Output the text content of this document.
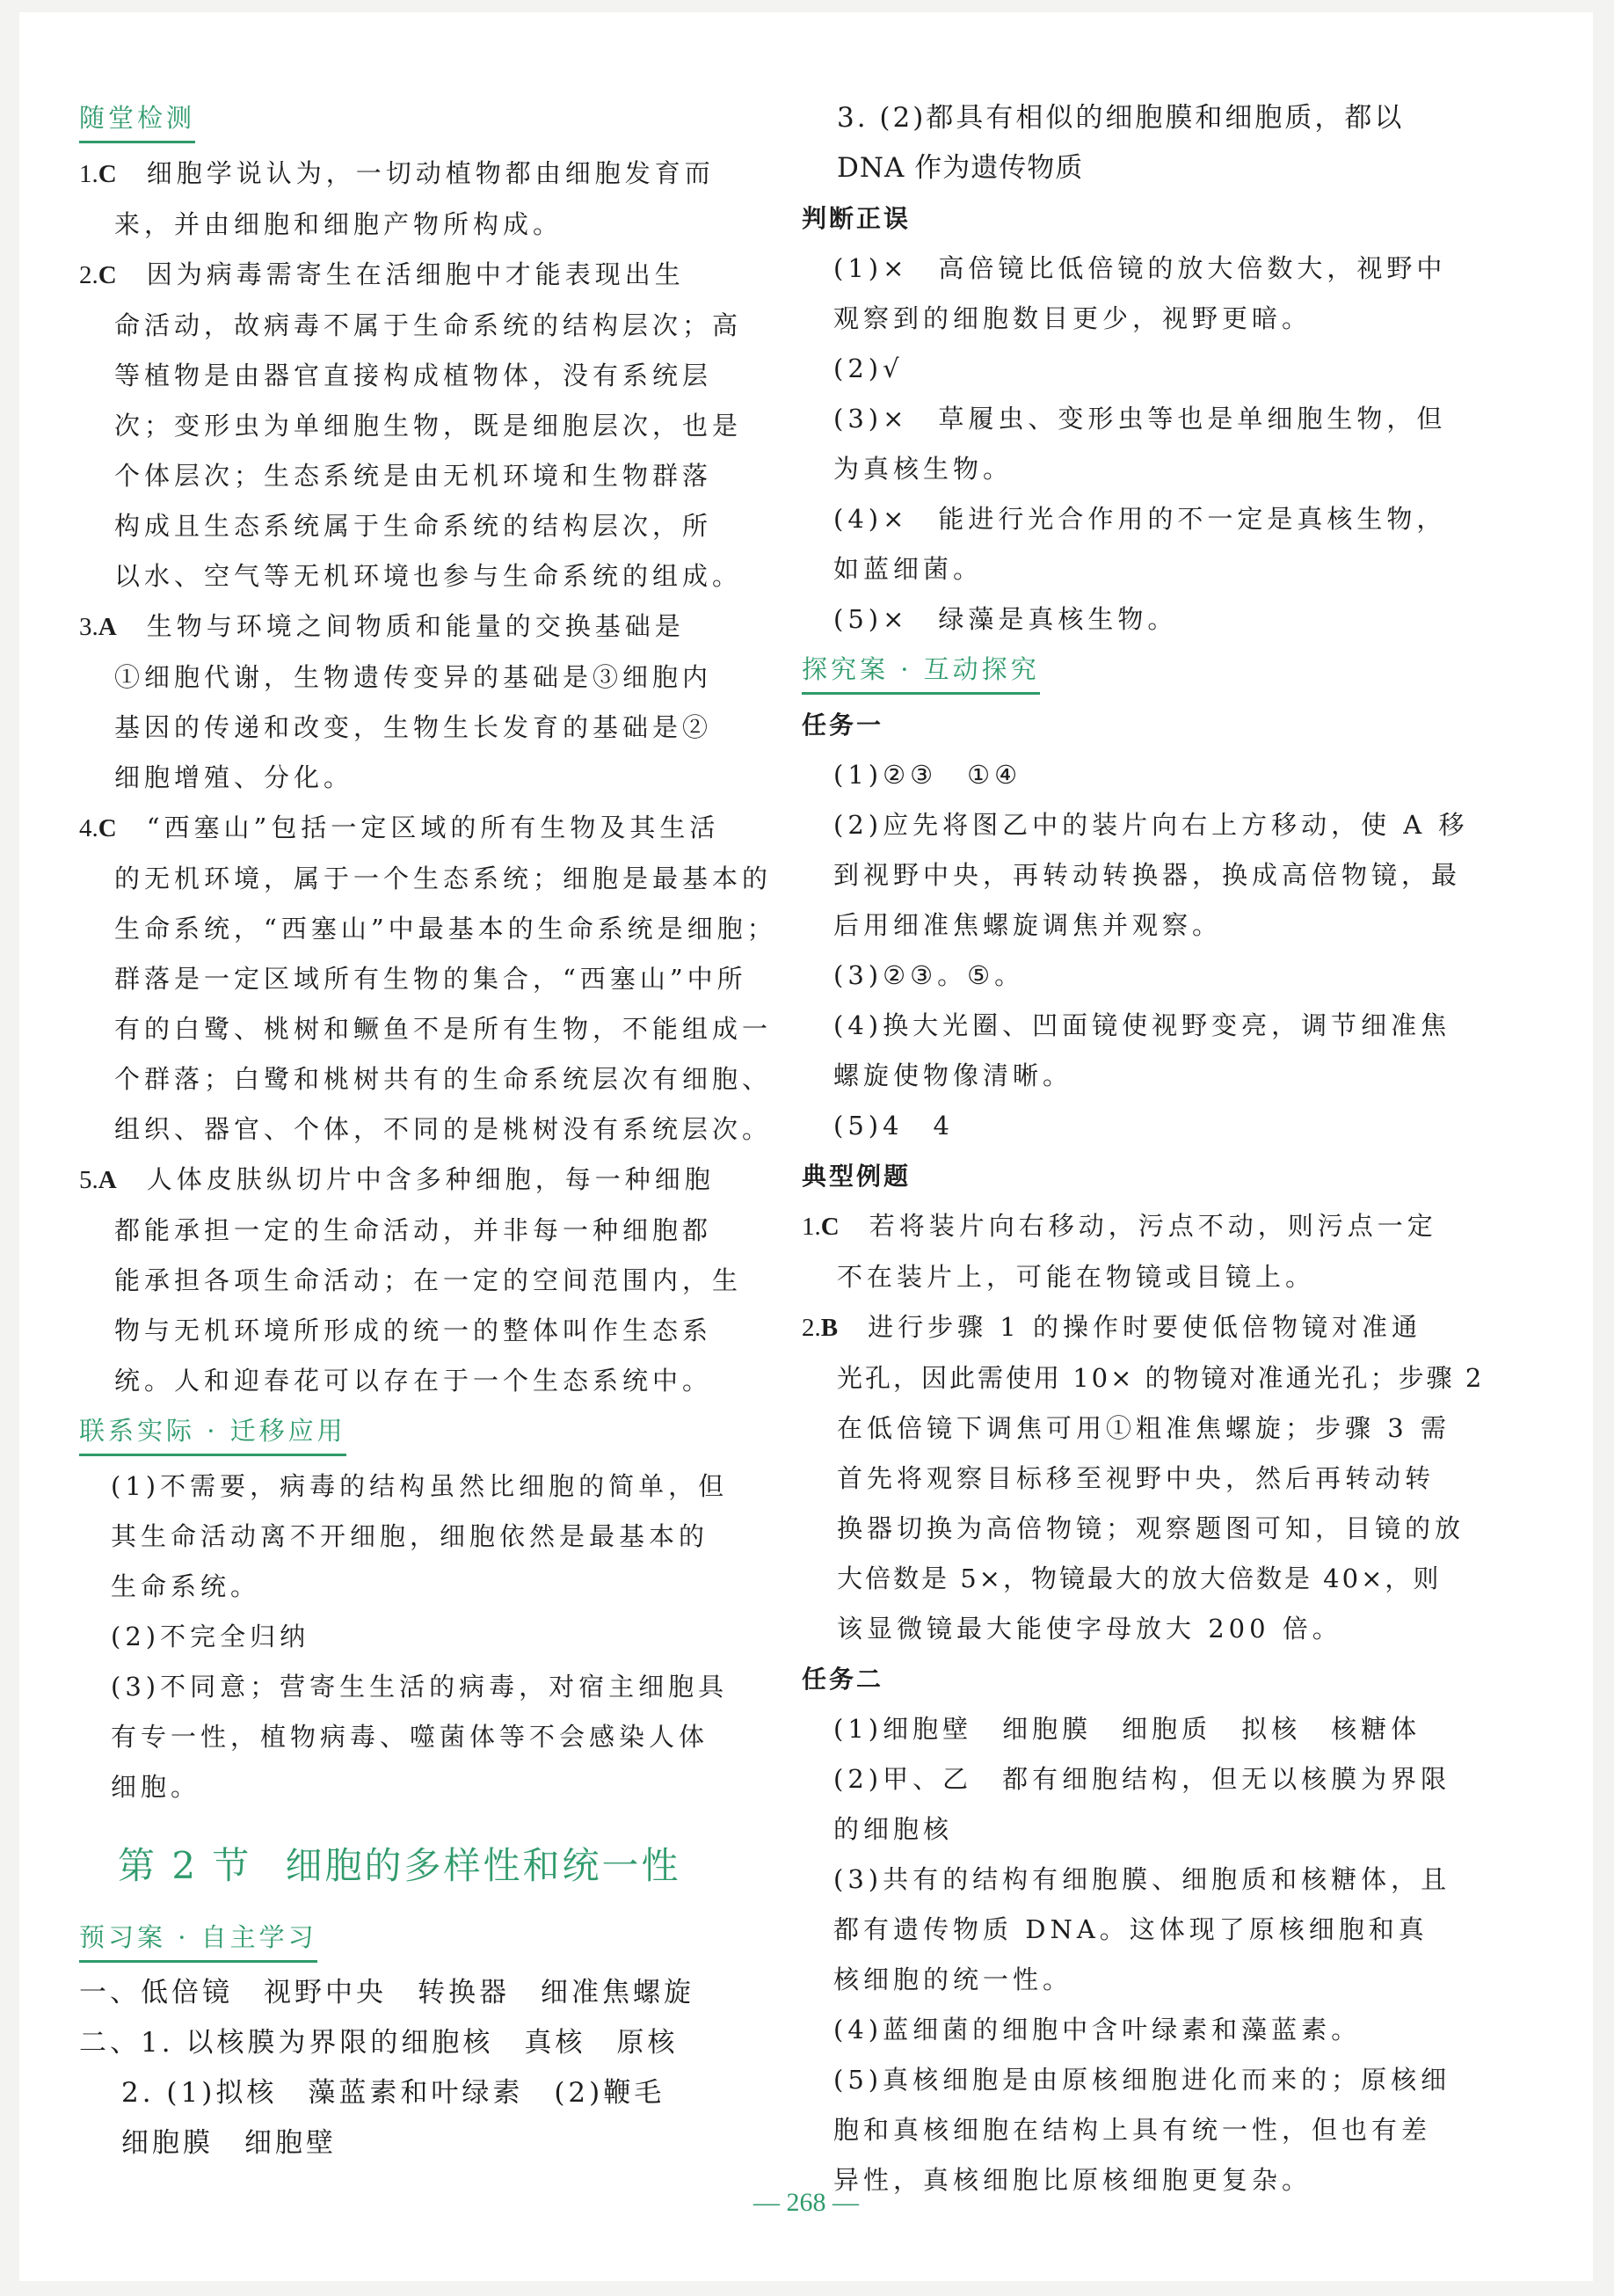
随堂检测
1.C 细胞学说认为，一切动植物都由细胞发育而
来，并由细胞和细胞产物所构成。
2.C 因为病毒需寄生在活细胞中才能表现出生
命活动，故病毒不属于生命系统的结构层次；高
等植物是由器官直接构成植物体，没有系统层
次；变形虫为单细胞生物，既是细胞层次，也是
个体层次；生态系统是由无机环境和生物群落
构成且生态系统属于生命系统的结构层次，所
以水、空气等无机环境也参与生命系统的组成。
3.A 生物与环境之间物质和能量的交换基础是
①细胞代谢，生物遗传变异的基础是③细胞内
基因的传递和改变，生物生长发育的基础是②
细胞增殖、分化。
4.C “西塞山”包括一定区域的所有生物及其生活
的无机环境，属于一个生态系统；细胞是最基本的
生命系统，“西塞山”中最基本的生命系统是细胞；
群落是一定区域所有生物的集合，“西塞山”中所
有的白鹭、桃树和鳜鱼不是所有生物，不能组成一
个群落；白鹭和桃树共有的生命系统层次有细胞、
组织、器官、个体，不同的是桃树没有系统层次。
5.A 人体皮肤纵切片中含多种细胞，每一种细胞
都能承担一定的生命活动，并非每一种细胞都
能承担各项生命活动；在一定的空间范围内，生
物与无机环境所形成的统一的整体叫作生态系
统。人和迎春花可以存在于一个生态系统中。
联系实际 · 迁移应用
(1)不需要，病毒的结构虽然比细胞的简单，但
其生命活动离不开细胞，细胞依然是最基本的
生命系统。
(2)不完全归纳
(3)不同意；营寄生生活的病毒，对宿主细胞具
有专一性，植物病毒、噬菌体等不会感染人体
细胞。
第 2 节 细胞的多样性和统一性
预习案 · 自主学习
一、低倍镜　视野中央　转换器　细准焦螺旋
二、1. 以核膜为界限的细胞核　真核　原核
2. (1)拟核　藻蓝素和叶绿素　(2)鞭毛
细胞膜　细胞壁
3. (2)都具有相似的细胞膜和细胞质，都以
DNA 作为遗传物质
判断正误
(1)×　高倍镜比低倍镜的放大倍数大，视野中
观察到的细胞数目更少，视野更暗。
(2)√
(3)×　草履虫、变形虫等也是单细胞生物，但
为真核生物。
(4)×　能进行光合作用的不一定是真核生物，
如蓝细菌。
(5)×　绿藻是真核生物。
探究案 · 互动探究
任务一
(1)②③　①④
(2)应先将图乙中的装片向右上方移动，使 A 移
到视野中央，再转动转换器，换成高倍物镜，最
后用细准焦螺旋调焦并观察。
(3)②③。⑤。
(4)换大光圈、凹面镜使视野变亮，调节细准焦
螺旋使物像清晰。
(5)4　4
典型例题
1.C 若将装片向右移动，污点不动，则污点一定
不在装片上，可能在物镜或目镜上。
2.B 进行步骤 1 的操作时要使低倍物镜对准通
光孔，因此需使用 10× 的物镜对准通光孔；步骤 2
在低倍镜下调焦可用①粗准焦螺旋；步骤 3 需
首先将观察目标移至视野中央，然后再转动转
换器切换为高倍物镜；观察题图可知，目镜的放
大倍数是 5×，物镜最大的放大倍数是 40×，则
该显微镜最大能使字母放大 200 倍。
任务二
(1)细胞壁　细胞膜　细胞质　拟核　核糖体
(2)甲、乙　都有细胞结构，但无以核膜为界限
的细胞核
(3)共有的结构有细胞膜、细胞质和核糖体，且
都有遗传物质 DNA。这体现了原核细胞和真
核细胞的统一性。
(4)蓝细菌的细胞中含叶绿素和藻蓝素。
(5)真核细胞是由原核细胞进化而来的；原核细
胞和真核细胞在结构上具有统一性，但也有差
异性，真核细胞比原核细胞更复杂。
— 268 —
